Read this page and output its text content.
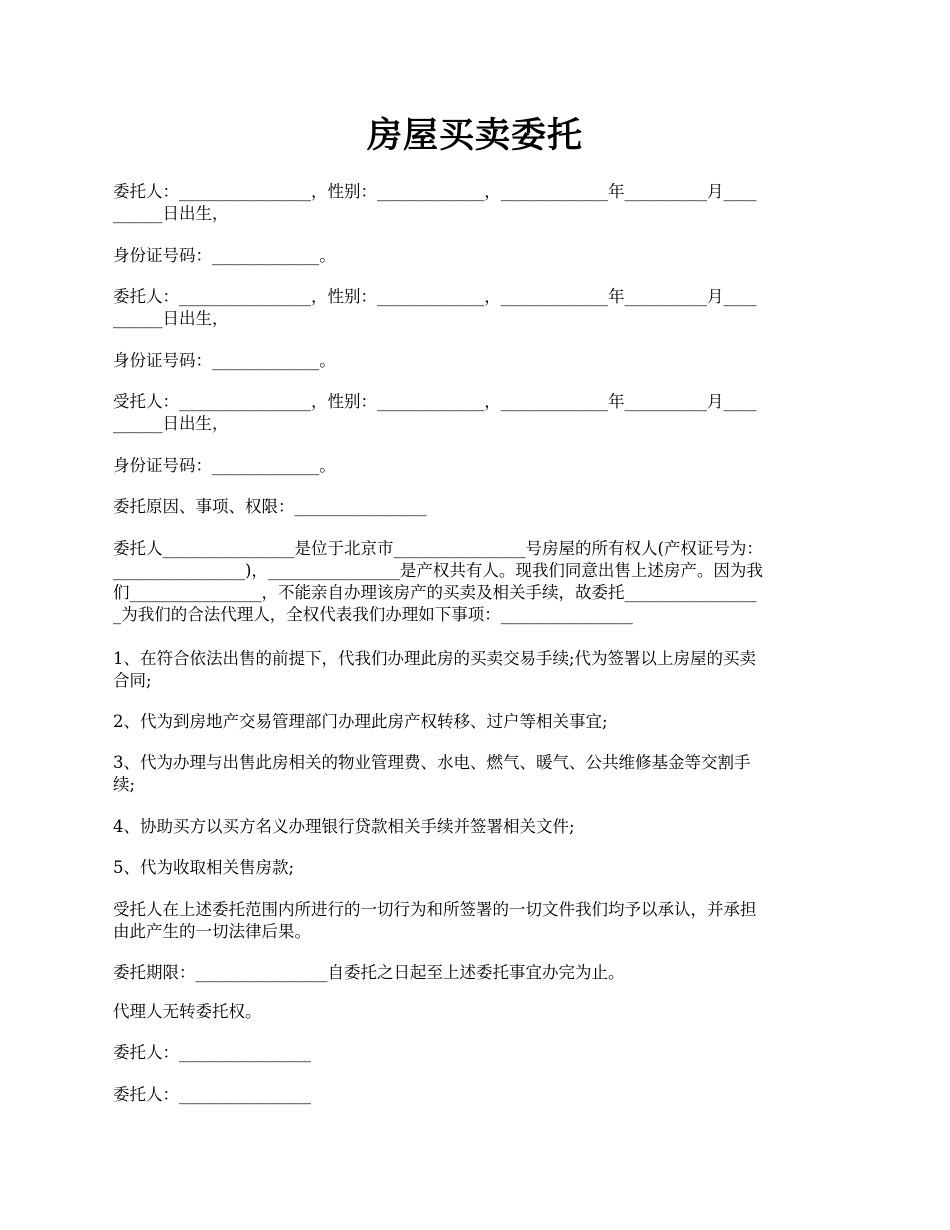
房屋买卖委托
委托人：________________，性别：_____________，_____________年__________月____
______日出生，
身份证号码：_____________。
委托人：________________，性别：_____________，_____________年__________月____
______日出生，
身份证号码：_____________。
受托人：________________，性别：_____________，_____________年__________月____
______日出生，
身份证号码：_____________。
委托原因、事项、权限：________________
委托人________________是位于北京市________________号房屋的所有权人(产权证号为：
________________)，________________是产权共有人。现我们同意出售上述房产。因为我
们________________，不能亲自办理该房产的买卖及相关手续，故委托________________
_为我们的合法代理人，全权代表我们办理如下事项：________________
1、在符合依法出售的前提下，代我们办理此房的买卖交易手续;代为签署以上房屋的买卖
合同;
2、代为到房地产交易管理部门办理此房产权转移、过户等相关事宜;
3、代为办理与出售此房相关的物业管理费、水电、燃气、暖气、公共维修基金等交割手
续;
4、协助买方以买方名义办理银行贷款相关手续并签署相关文件;
5、代为收取相关售房款;
受托人在上述委托范围内所进行的一切行为和所签署的一切文件我们均予以承认，并承担
由此产生的一切法律后果。
委托期限：________________自委托之日起至上述委托事宜办完为止。
代理人无转委托权。
委托人：________________
委托人：________________
